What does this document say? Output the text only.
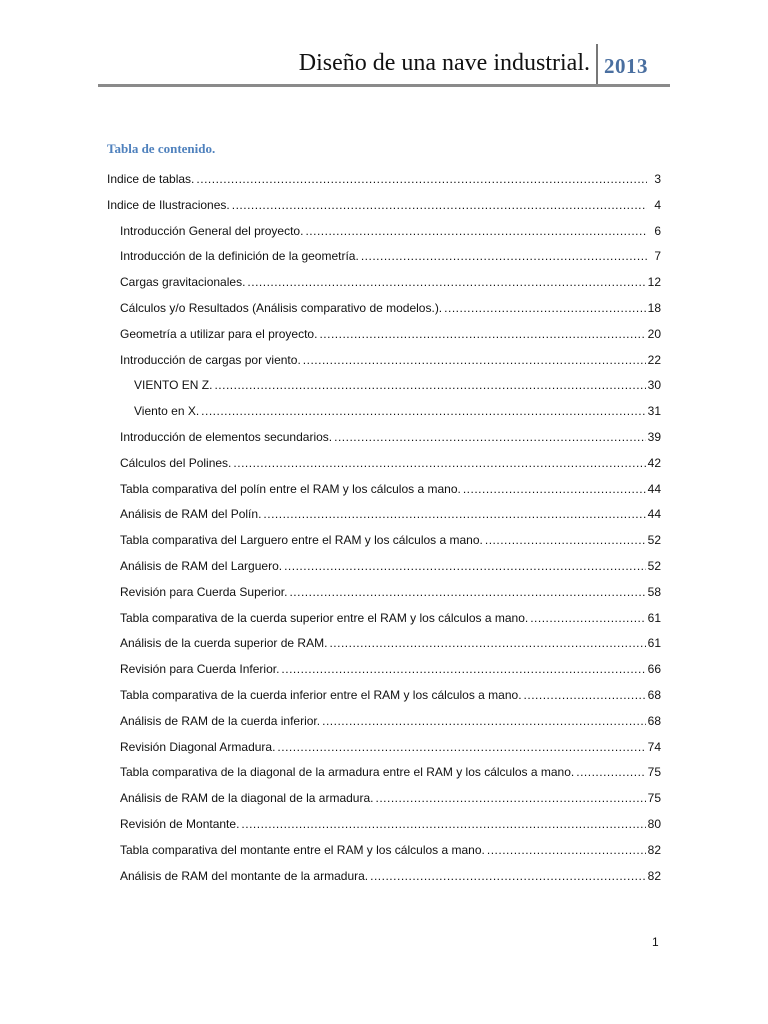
Diseño de una nave industrial. 2013
Tabla de contenido.
Indice de tablas. .....	3
Indice de Ilustraciones. .....	4
Introducción General del proyecto. .....	6
Introducción de la definición de la geometría. .....	7
Cargas gravitacionales. .....	12
Cálculos y/o Resultados (Análisis comparativo de modelos.). .....	18
Geometría a utilizar para el proyecto. .....	20
Introducción de cargas por viento. .....	22
VIENTO EN Z. .....	30
Viento en X. .....	31
Introducción de elementos secundarios. .....	39
Cálculos del Polines. .....	42
Tabla comparativa del polín entre el RAM y los cálculos a mano. .....	44
Análisis de RAM del Polín. .....	44
Tabla comparativa del Larguero entre el RAM y los cálculos a mano. .....	52
Análisis de RAM del Larguero. .....	52
Revisión para Cuerda Superior. .....	58
Tabla comparativa de la cuerda superior entre el RAM y los cálculos a mano. .....	61
Análisis de la cuerda superior de RAM. .....	61
Revisión para Cuerda Inferior. .....	66
Tabla comparativa de la cuerda inferior entre el RAM y los cálculos a mano. .....	68
Análisis de RAM de la cuerda inferior. .....	68
Revisión Diagonal Armadura. .....	74
Tabla comparativa de la diagonal de la armadura entre el RAM y los cálculos a mano. .....	75
Análisis de RAM de la diagonal de la armadura. .....	75
Revisión de Montante. .....	80
Tabla comparativa del montante entre el RAM y los cálculos a mano. .....	82
Análisis de RAM del montante de la armadura. .....	82
1
